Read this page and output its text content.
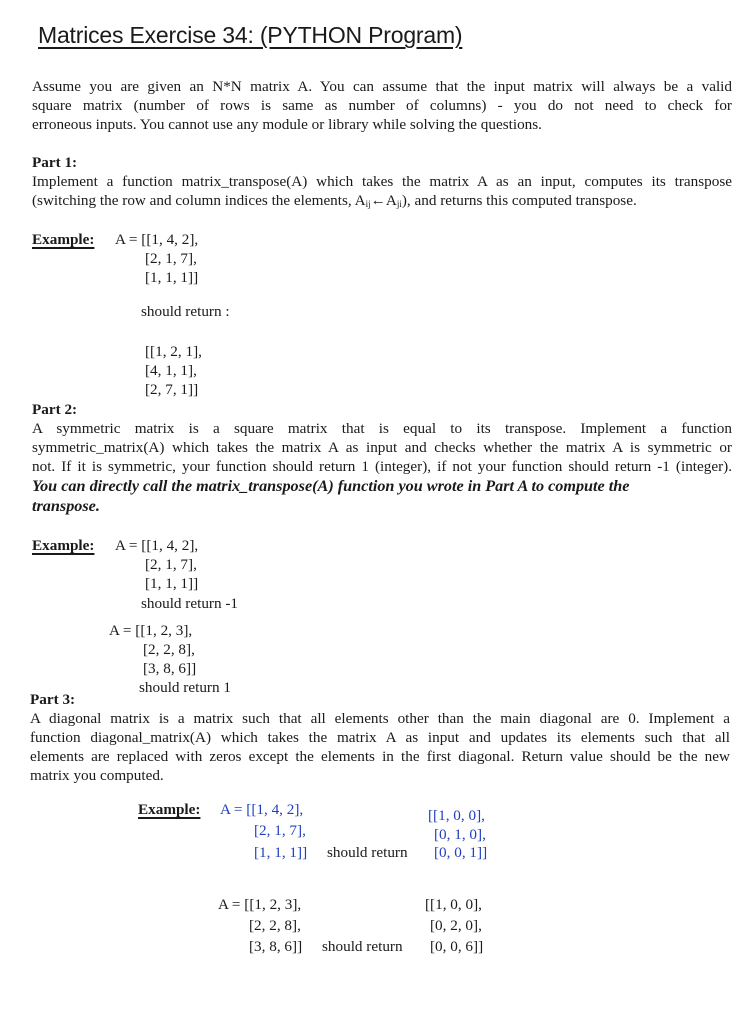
Matrices Exercise 34: (PYTHON Program)
Assume you are given an N*N matrix A. You can assume that the input matrix will always be a valid
square matrix (number of rows is same as number of columns) - you do not need to check for
erroneous inputs. You cannot use any module or library while solving the questions.
Part 1:
Implement a function matrix_transpose(A) which takes the matrix A as an input, computes its transpose
(switching the row and column indices the elements, $A_{ij}\leftarrow A_{ji}$), and returns this computed transpose.
Example: A = [[1, 4, 2],
[2, 1, 7],
[1, 1, 1]]
should return :
[[1, 2, 1],
[4, 1, 1],
[2, 7, 1]]
Part 2:
A symmetric matrix is a square matrix that is equal to its transpose. Implement a function
symmetric_matrix(A) which takes the matrix A as input and checks whether the matrix A is symmetric or
not. If it is symmetric, your function should return 1 (integer), if not your function should return -1 (integer).
You can directly call the matrix_transpose(A) function you wrote in Part A to compute the
transpose.
Example: A = [[1, 4, 2],
[2, 1, 7],
[1, 1, 1]]
should return -1
A = [[1, 2, 3],
[2, 2, 8],
[3, 8, 6]]
should return 1
Part 3:
A diagonal matrix is a matrix such that all elements other than the main diagonal are 0. Implement a
function diagonal_matrix(A) which takes the matrix A as input and updates its elements such that all
elements are replaced with zeros except the elements in the first diagonal. Return value should be the new
matrix you computed.
Example: A = [[1, 4, 2],
[2, 1, 7],
[1, 1, 1]] should return
[[1, 0, 0],
[0, 1, 0],
[0, 0, 1]]
A = [[1, 2, 3],
[2, 2, 8],
[3, 8, 6]] should return
[[1, 0, 0],
[0, 2, 0],
[0, 0, 6]]
